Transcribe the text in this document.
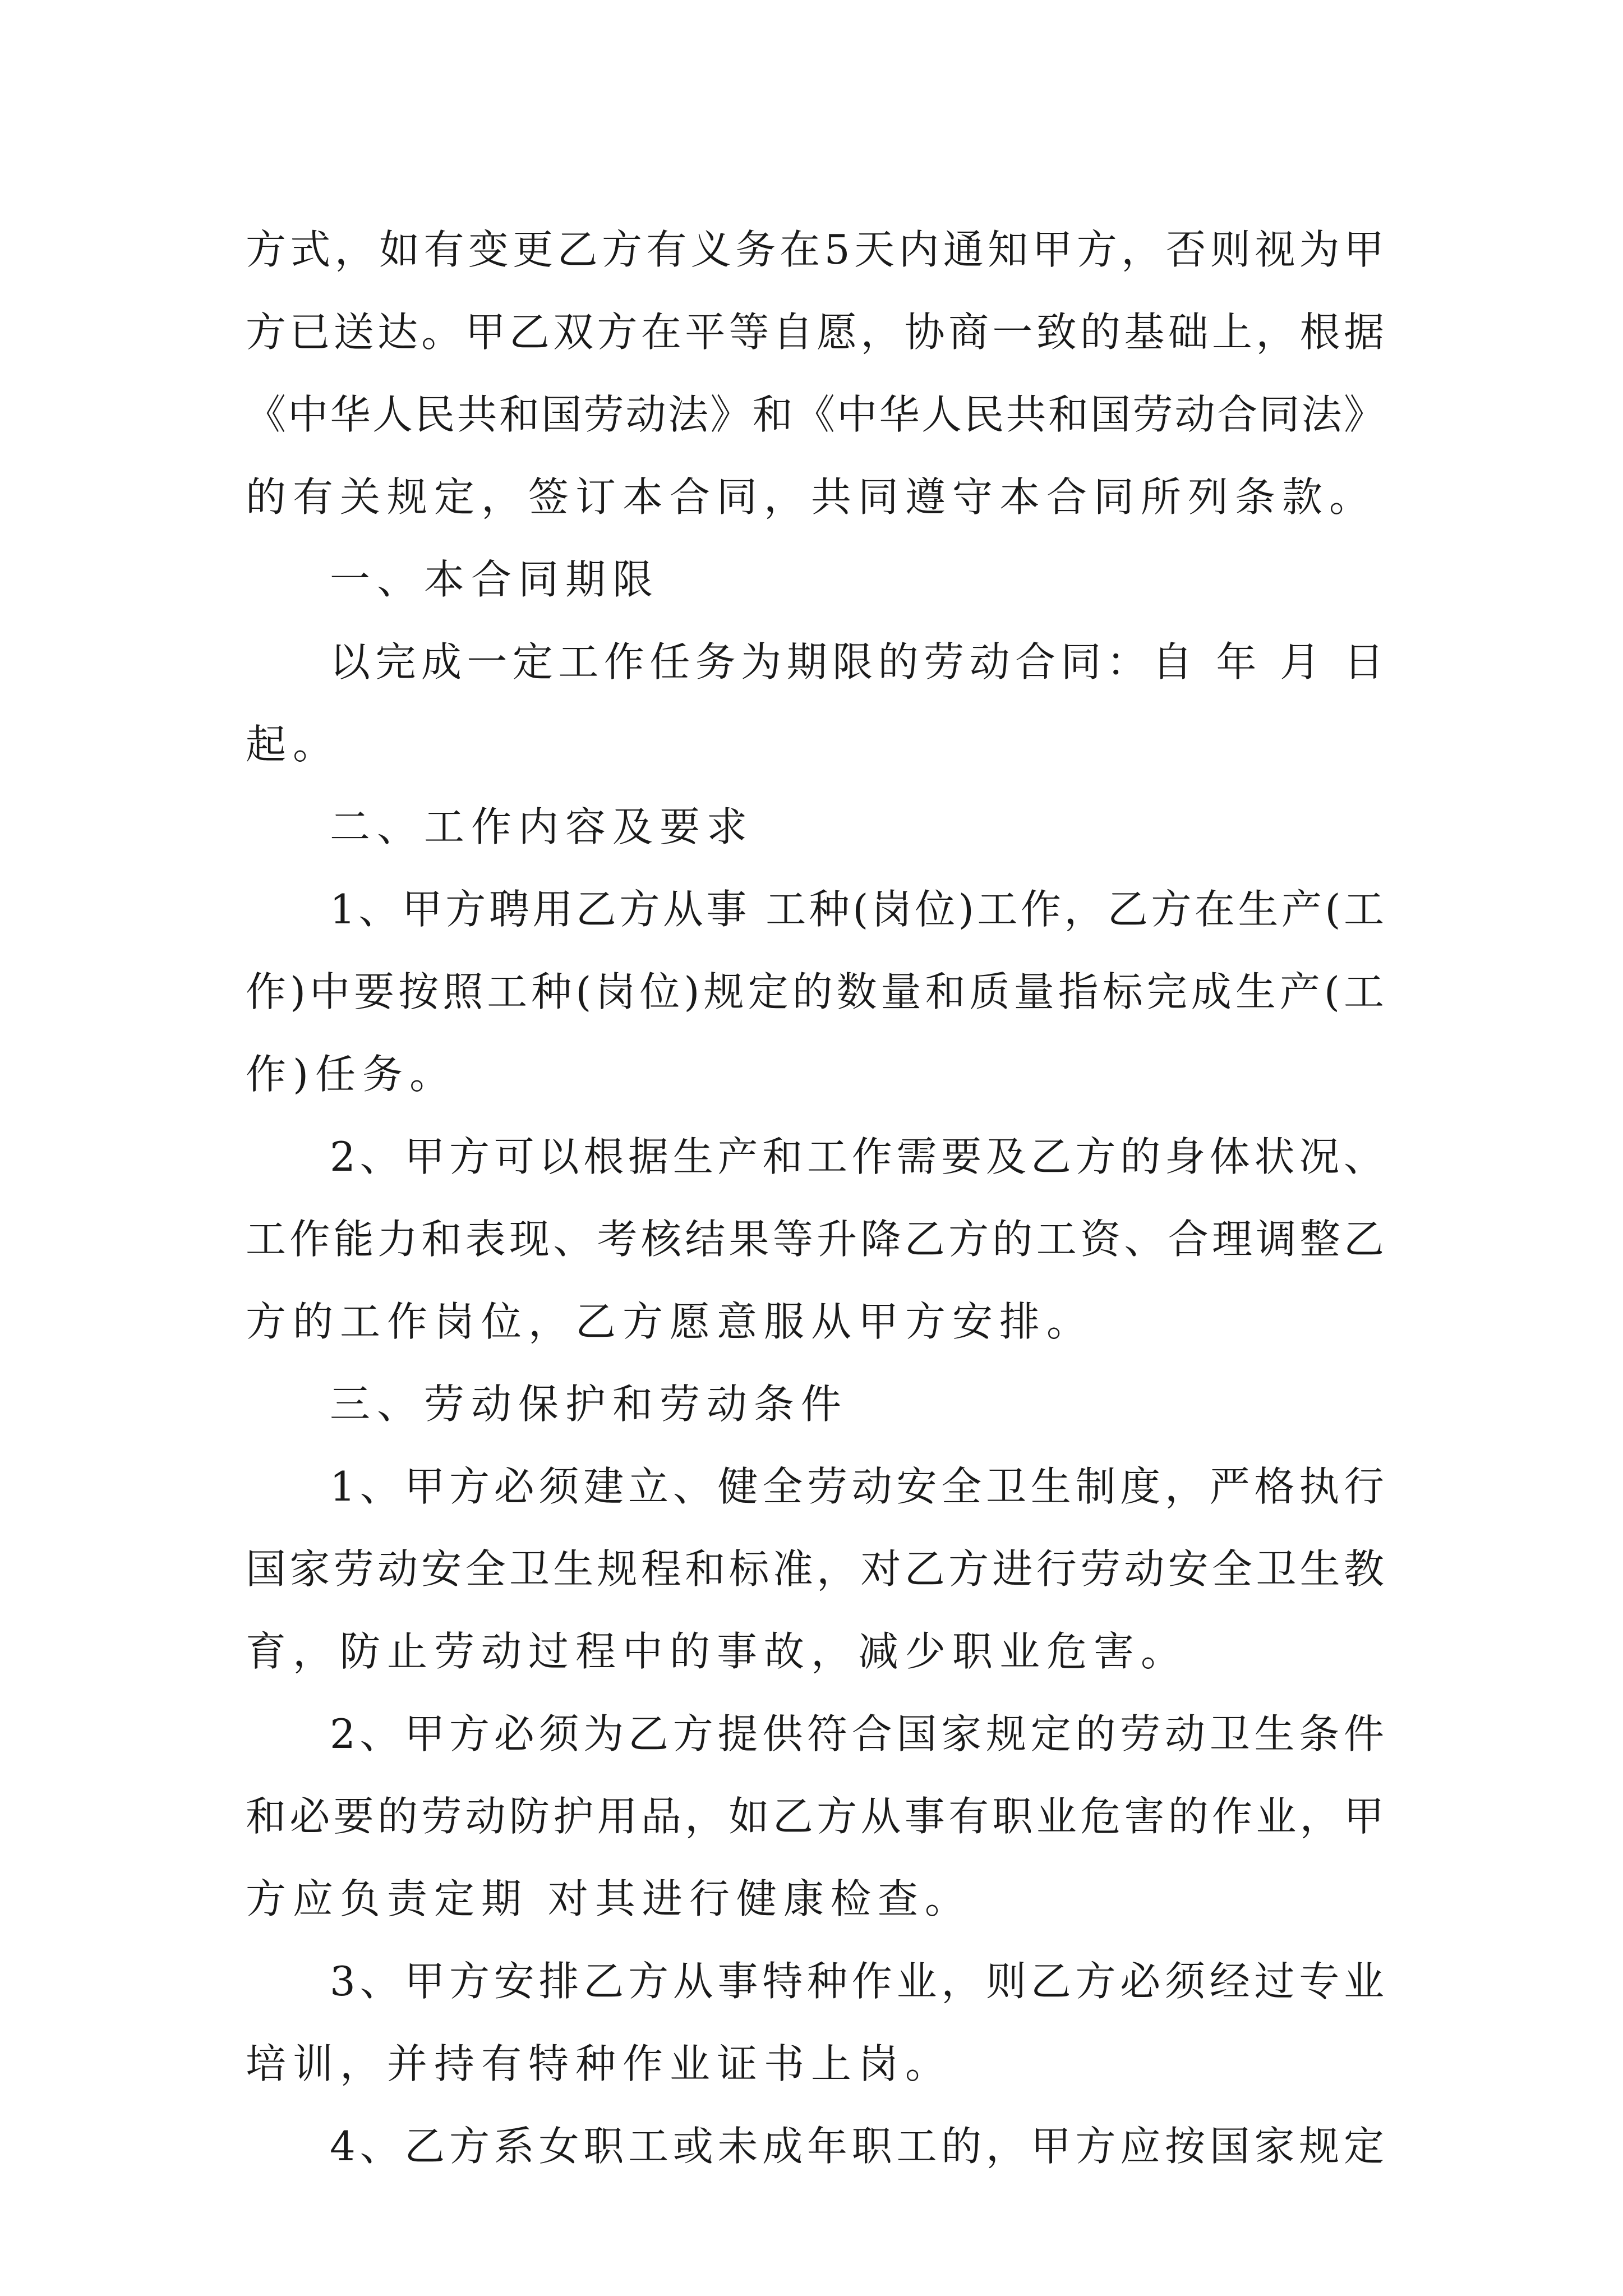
方式，如有变更乙方有义务在5天内通知甲方，否则视为甲
方已送达。甲乙双方在平等自愿，协商一致的基础上，根据
《中华人民共和国劳动法》和《中华人民共和国劳动合同法》
的有关规定，签订本合同，共同遵守本合同所列条款。
一、本合同期限
以完成一定工作任务为期限的劳动合同：自 年 月 日
起。
二、工作内容及要求
1、甲方聘用乙方从事 工种(岗位)工作，乙方在生产(工
作)中要按照工种(岗位)规定的数量和质量指标完成生产(工
作)任务。
2、甲方可以根据生产和工作需要及乙方的身体状况、
工作能力和表现、考核结果等升降乙方的工资、合理调整乙
方的工作岗位，乙方愿意服从甲方安排。
三、劳动保护和劳动条件
1、甲方必须建立、健全劳动安全卫生制度，严格执行
国家劳动安全卫生规程和标准，对乙方进行劳动安全卫生教
育，防止劳动过程中的事故，减少职业危害。
2、甲方必须为乙方提供符合国家规定的劳动卫生条件
和必要的劳动防护用品，如乙方从事有职业危害的作业，甲
方应负责定期 对其进行健康检查。
3、甲方安排乙方从事特种作业，则乙方必须经过专业
培训，并持有特种作业证书上岗。
4、乙方系女职工或未成年职工的，甲方应按国家规定
